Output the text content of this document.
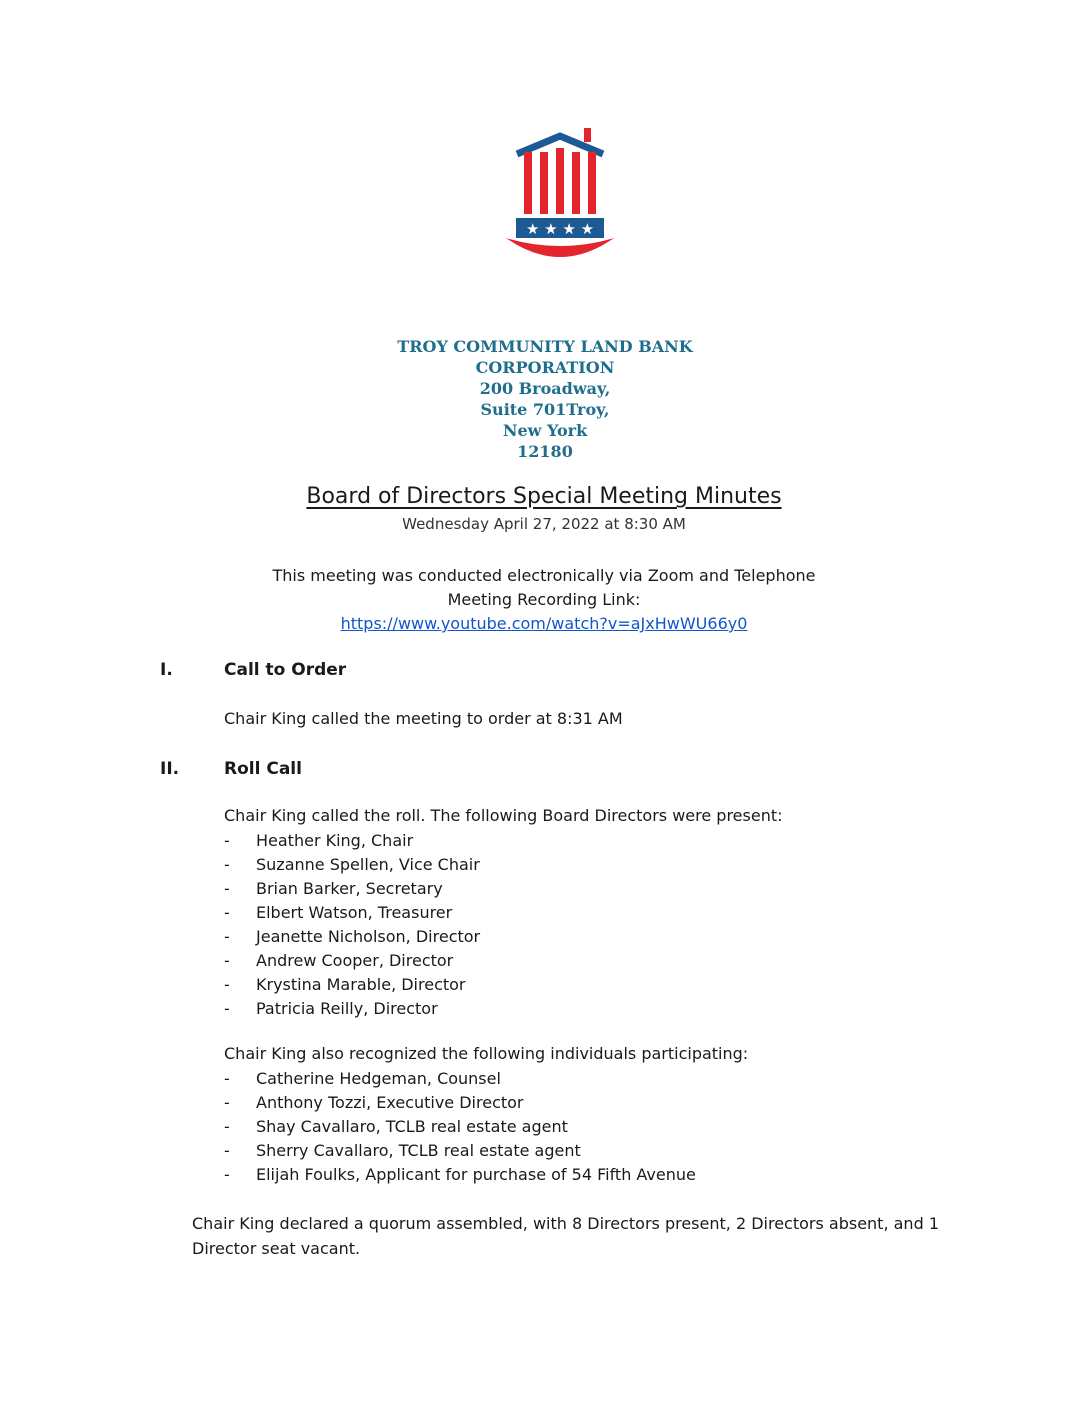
★ ★ ★ ★
TROY COMMUNITY LAND BANK
CORPORATION
200 Broadway,
Suite 701Troy,
New York
12180
Board of Directors Special Meeting Minutes
Wednesday April 27, 2022 at 8:30 AM
This meeting was conducted electronically via Zoom and Telephone
Meeting Recording Link:
https://www.youtube.com/watch?v=aJxHwWU66y0
I.	Call to Order
Chair King called the meeting to order at 8:31 AM
II.	Roll Call
Chair King called the roll. The following Board Directors were present:
- Heather King, Chair
- Suzanne Spellen, Vice Chair
- Brian Barker, Secretary
- Elbert Watson, Treasurer
- Jeanette Nicholson, Director
- Andrew Cooper, Director
- Krystina Marable, Director
- Patricia Reilly, Director
Chair King also recognized the following individuals participating:
- Catherine Hedgeman, Counsel
- Anthony Tozzi, Executive Director
- Shay Cavallaro, TCLB real estate agent
- Sherry Cavallaro, TCLB real estate agent
- Elijah Foulks, Applicant for purchase of 54 Fifth Avenue
Chair King declared a quorum assembled, with 8 Directors present, 2 Directors absent, and 1 Director seat vacant.
